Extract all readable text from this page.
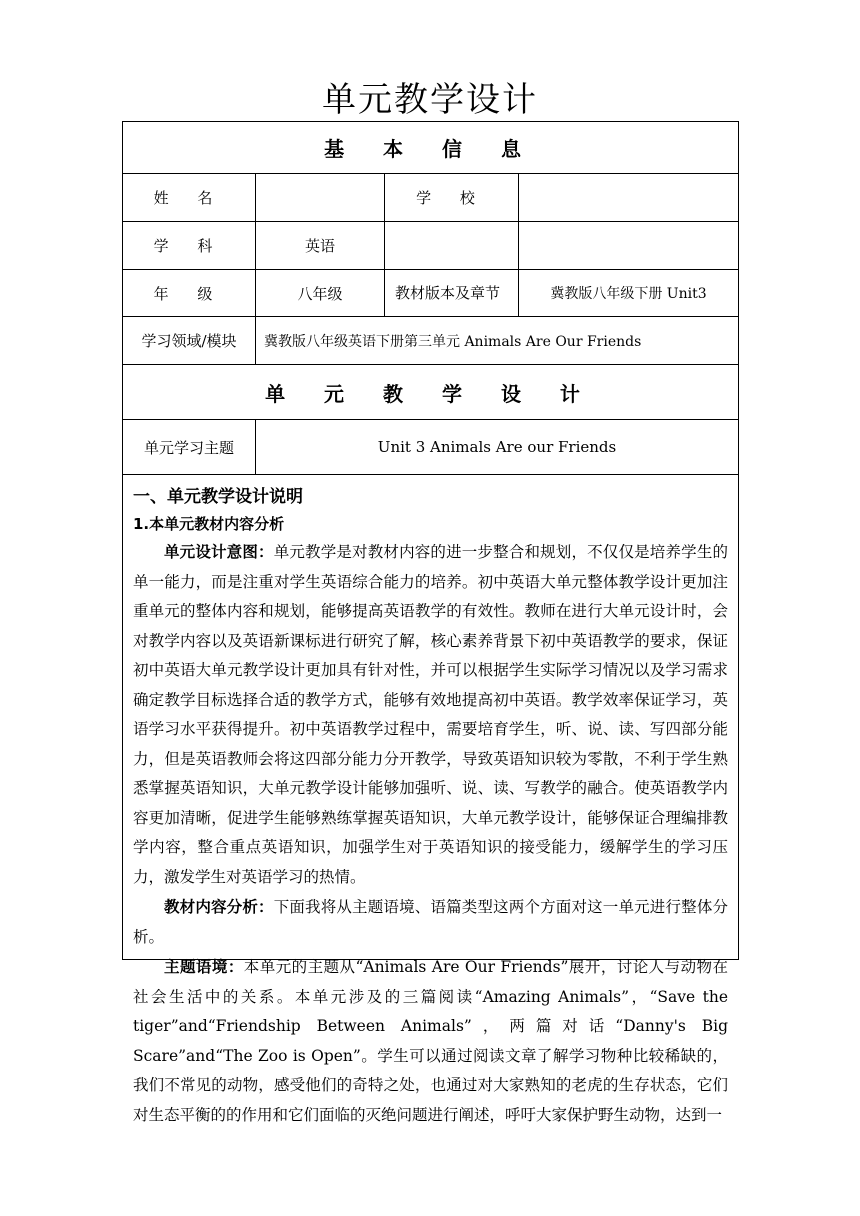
单元教学设计
基 本 信 息			
姓 名		学 校	
学 科	英语		
年 级	八年级	教材版本及章节	冀教版八年级下册 Unit3
学习领域/模块	冀教版八年级英语下册第三单元 Animals Are Our Friends		
单 元 教 学 设 计			
单元学习主题	Unit 3 Animals Are our Friends		

一、单元教学设计说明

1.本单元教材内容分析

单元设计意图：单元教学是对教材内容的进一步整合和规划，不仅仅是培养学生的单一能力，而是注重对学生英语综合能力的培养。初中英语大单元整体教学设计更加注重单元的整体内容和规划，能够提高英语教学的有效性。教师在进行大单元设计时，会对教学内容以及英语新课标进行研究了解，核心素养背景下初中英语教学的要求，保证初中英语大单元教学设计更加具有针对性，并可以根据学生实际学习情况以及学习需求确定教学目标选择合适的教学方式，能够有效地提高初中英语。教学效率保证学习，英语学习水平获得提升。初中英语教学过程中，需要培育学生，听、说、读、写四部分能力，但是英语教师会将这四部分能力分开教学，导致英语知识较为零散，不利于学生熟悉掌握英语知识，大单元教学设计能够加强听、说、读、写教学的融合。使英语教学内容更加清晰，促进学生能够熟练掌握英语知识，大单元教学设计，能够保证合理编排教学内容，整合重点英语知识，加强学生对于英语知识的接受能力，缓解学生的学习压力，激发学生对英语学习的热情。

教材内容分析：下面我将从主题语境、语篇类型这两个方面对这一单元进行整体分析。

主题语境：本单元的主题从“Animals Are Our Friends”展开，讨论人与动物在社会生活中的关系。本单元涉及的三篇阅读“Amazing Animals”，“Save the tiger”and“Friendship Between Animals”，两篇对话“Danny's Big Scare”and“The Zoo is Open”。学生可以通过阅读文章了解学习物种比较稀缺的，我们不常见的动物，感受他们的奇特之处，也通过对大家熟知的老虎的生存状态，它们对生态平衡的的作用和它们面临的灭绝问题进行阐述，呼吁大家保护野生动物，达到一			
